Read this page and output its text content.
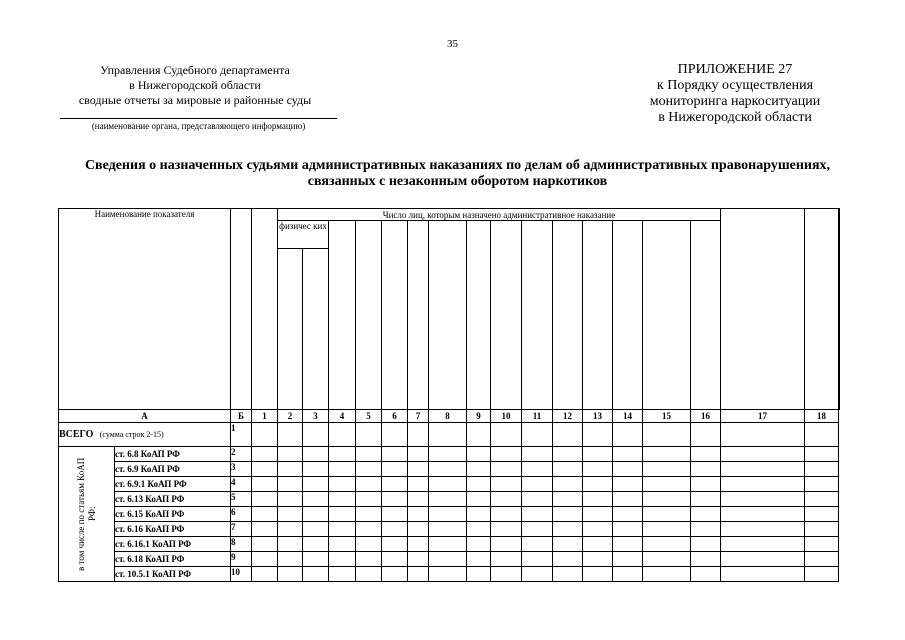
35
Управления Судебного департамента
в Нижегородской области
сводные отчеты за мировые и районные суды
(наименование органа, представляющего информацию)
ПРИЛОЖЕНИЕ 27
к Порядку осуществления
мониторинга наркоситуации
в Нижегородской области
Сведения о назначенных судьями административных наказаниях по делам об административных правонарушениях,
связанных с незаконным оборотом наркотиков
Наименование показателя				Число лиц, которым назначено административное наказание	

				физичес ких	

А		Б	1	2	3	4	5	6	7	8	9	10	11	12	13	14	15	16	17	18	
ВСЕГО (сумма строк 2-15)		1																			

в том числе по статьям КоАП РФ:	ст. 6.8 КоАП РФ	2																			
	ст. 6.9 КоАП РФ	3																			
	ст. 6.9.1 КоАП РФ	4																			
	ст. 6.13 КоАП РФ	5																			
	ст. 6.15 КоАП РФ	6																			
	ст. 6.16 КоАП РФ	7																			
	ст. 6.16.1 КоАП РФ	8																			
	ст. 6.18 КоАП РФ	9																			
	ст. 10.5.1 КоАП РФ	10																			
